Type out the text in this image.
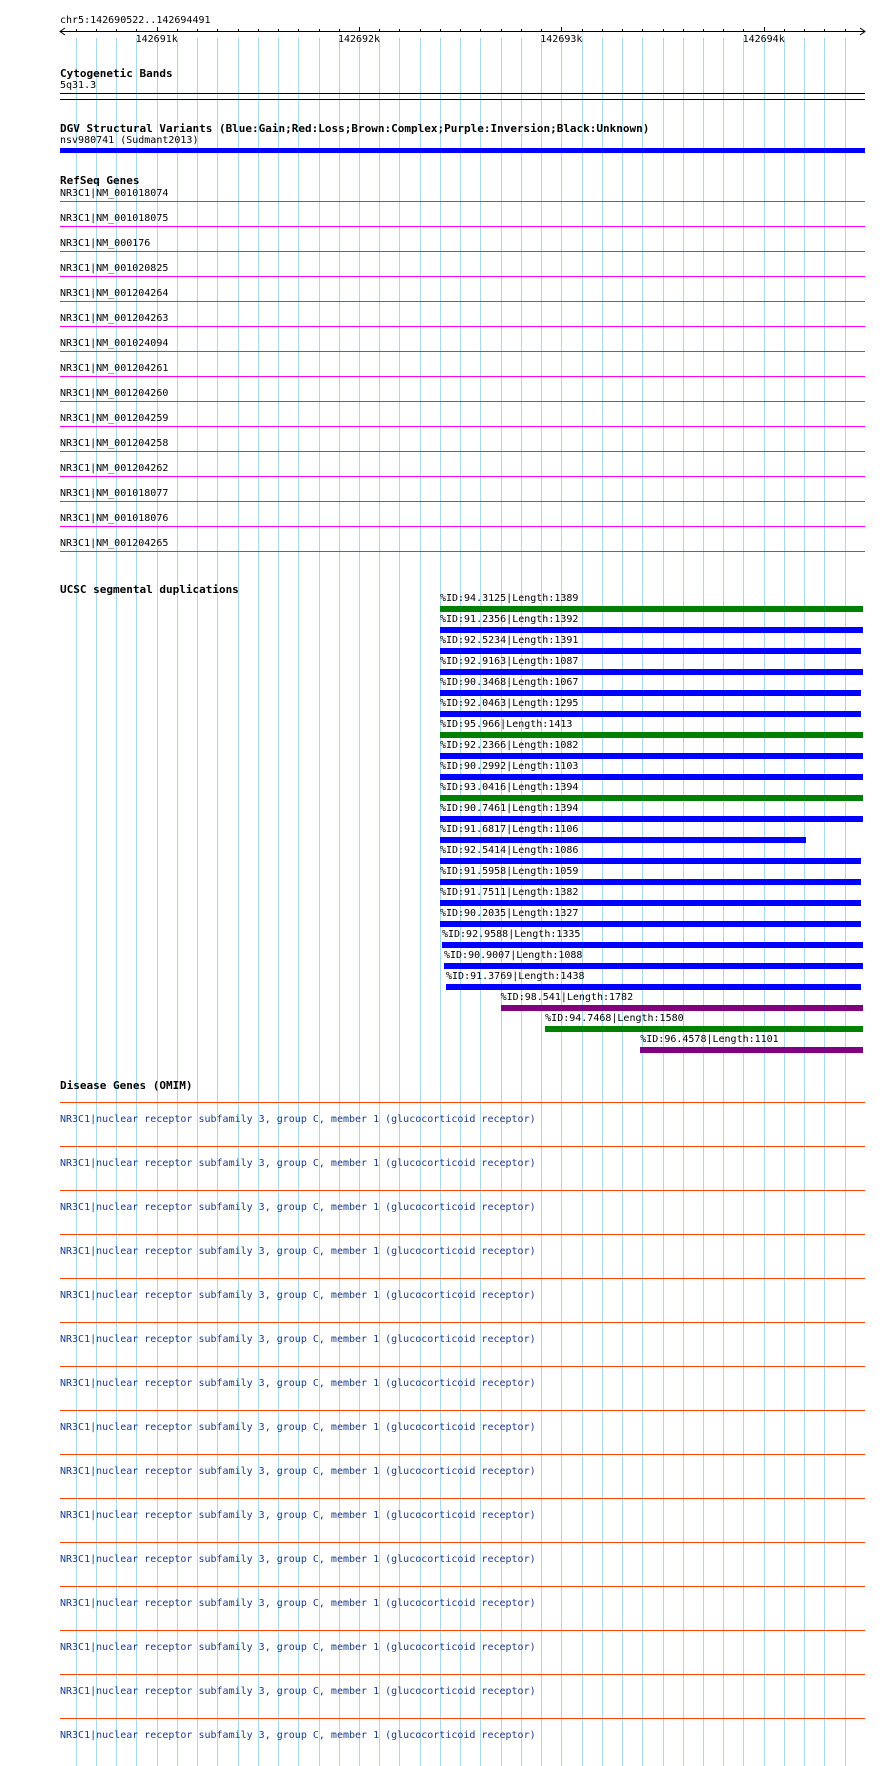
chr5:142690522..142694491
Cytogenetic Bands
5q31.3
DGV Structural Variants (Blue:Gain;Red:Loss;Brown:Complex;Purple:Inversion;Black:Unknown)
nsv980741 (Sudmant2013)
RefSeq Genes
NR3C1|NM_001018074
NR3C1|NM_001018075
NR3C1|NM_000176
NR3C1|NM_001020825
NR3C1|NM_001204264
NR3C1|NM_001204263
NR3C1|NM_001024094
NR3C1|NM_001204261
NR3C1|NM_001204260
NR3C1|NM_001204259
NR3C1|NM_001204258
NR3C1|NM_001204262
NR3C1|NM_001018077
NR3C1|NM_001018076
NR3C1|NM_001204265
UCSC segmental duplications
%ID:94.3125|Length:1389
%ID:91.2356|Length:1392
%ID:92.5234|Length:1391
%ID:92.9163|Length:1087
%ID:90.3468|Length:1067
%ID:92.0463|Length:1295
%ID:95.966|Length:1413
%ID:92.2366|Length:1082
%ID:90.2992|Length:1103
%ID:93.0416|Length:1394
%ID:90.7461|Length:1394
%ID:91.6817|Length:1106
%ID:92.5414|Length:1086
%ID:91.5958|Length:1059
%ID:91.7511|Length:1382
%ID:90.2035|Length:1327
%ID:92.9588|Length:1335
%ID:90.9007|Length:1088
%ID:91.3769|Length:1438
%ID:98.541|Length:1782
%ID:94.7468|Length:1580
%ID:96.4578|Length:1101
Disease Genes (OMIM)
NR3C1|nuclear receptor subfamily 3, group C, member 1 (glucocorticoid receptor)
NR3C1|nuclear receptor subfamily 3, group C, member 1 (glucocorticoid receptor)
NR3C1|nuclear receptor subfamily 3, group C, member 1 (glucocorticoid receptor)
NR3C1|nuclear receptor subfamily 3, group C, member 1 (glucocorticoid receptor)
NR3C1|nuclear receptor subfamily 3, group C, member 1 (glucocorticoid receptor)
NR3C1|nuclear receptor subfamily 3, group C, member 1 (glucocorticoid receptor)
NR3C1|nuclear receptor subfamily 3, group C, member 1 (glucocorticoid receptor)
NR3C1|nuclear receptor subfamily 3, group C, member 1 (glucocorticoid receptor)
NR3C1|nuclear receptor subfamily 3, group C, member 1 (glucocorticoid receptor)
NR3C1|nuclear receptor subfamily 3, group C, member 1 (glucocorticoid receptor)
NR3C1|nuclear receptor subfamily 3, group C, member 1 (glucocorticoid receptor)
NR3C1|nuclear receptor subfamily 3, group C, member 1 (glucocorticoid receptor)
NR3C1|nuclear receptor subfamily 3, group C, member 1 (glucocorticoid receptor)
NR3C1|nuclear receptor subfamily 3, group C, member 1 (glucocorticoid receptor)
NR3C1|nuclear receptor subfamily 3, group C, member 1 (glucocorticoid receptor)
142691k	142692k	142693k	142694k
